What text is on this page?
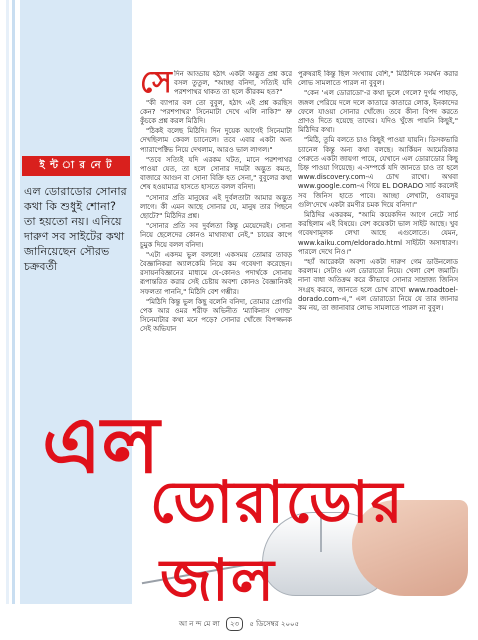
ই ন্ট া র নে ট
এল ডোরাডোর সোনার কথা কি শুধুই শোনা? তা হয়তো নয়। এনিয়ে দারুণ সব সাইটের কথা জানিয়েছেন সৌরভ চক্রবর্তী

সেদিন আড্ডায় হঠাৎ একটা অদ্ভুত প্রশ্ন করে বসল তুতুল, "আচ্ছা বনিদা, সত্যিই যদি পরশপাথর থাকত তা হলে কীরকম হত?"

"কী ব্যাপার বল তো বুবুল, হঠাৎ এই প্রশ্ন করছিস কেন? 'পরশপাথর' সিনেমাটা দেখে এলি নাকি?" ভ্রু কুঁচকে প্রশ্ন করল মিঠিদি।

"ঠিকই বলেছ মিঠিদি। দিন দুয়েক আগেই সিনেমাটা দেখছিলাম কেবল চ্যানেলে। তবে এবার একটা অন্য প্যারাপেক্টিভ নিয়ে দেখলাম, আরও ভাল লাগল।"

"তবে সত্যিই যদি এরকম ঘটত, মানে পরশপাথর পাওয়া যেত, তা হলে সোনার দামটা অদ্ভুত কমত, বাজারে আগুন বা সোনা বিক্রি হত সেনা," বুবুলের কথা শেষ হওয়ামাত্র হাসতে হাসতে বলল বনিদা।

"সোনার প্রতি মানুষের এই দুর্বলতাটা আমার অদ্ভুত লাগে। কী এমন আছে সোনার যে, মানুষ তার পিছনে ছোটে?" মিঠিদির প্রশ্ন।

"সোনার প্রতি সব দুর্বলতা কিন্তু মেয়েদেরই। সোনা নিয়ে ছেলেদের কোনও মাথাব্যথা নেই," চায়ের কাপে চুমুক দিয়ে বলল বনিদা।

"এটা একদম ভুল বললে! একসময় তোমার তাবড় বৈজ্ঞানিকরা অ্যালকেমি নিয়ে কম গবেষণা করেছেন। রসায়নবিজ্ঞানের মাধ্যমে যে-কোনও পদার্থকে সোনায় রূপান্তরিত করার সেই চেষ্টায় অবশ্য কোনও বৈজ্ঞানিকই সফলতা পাননি," মিঠিদি বেশ গম্ভীর।

"মিঠিদি কিন্তু ভুল কিছু বলেনি বনিদা, তোমার প্রোগরি পেক আর ওমর শরীফ অভিনীত 'ম্যাকিনাস গোল্ড' সিনেমাটার কথা মনে পড়ে? সোনার খোঁজে বিপজ্জনক সেই অভিযান

পুরুষরাই কিন্তু ছিল সংখ্যায় বেশি," মিঠিদিকে সমর্থন করার লোভ সামলাতে পারল না বুবুল।

"কেন 'এল ডোরাডো'-র কথা ভুলে গেলে? দুর্গম পাহাড়, জঙ্গল পেরিয়ে দলে দলে কাতারে কাতারে লোক, ইনকাদের ফেলে যাওয়া সোনার খোঁজে। তবে কীনা বিপদ করতে প্রাণও দিতে হয়েছে তাদের। যদিও খুঁজে পায়নি কিছুই," মিঠিদির কথা।

"মিঠি, তুমি বলতে চাও কিছুই পাওয়া যায়নি। ডিসকভারি চ্যানেল কিন্তু অন্য কথা বলছে। আর্কিয়ন আমেরিকার পেরুতে একটা জায়গা পায়ে, যেখানে এল ডোরাডোর কিছু চিহ্ন পাওয়া গিয়েছে। এ-সম্পর্কে যদি জানতে চাও তা হলে www.discovery.com-এ চোখ রাখো। অথবা www.google.com-এ গিয়ে EL DORADO সার্চ করলেই সব জিনিস হাতে পাবে। আচ্ছা লেখাটা, ওবায়দুর গুলি'দেখে একটা রমণীর চমক দিয়ে বনিদা।"

মিঠিদির একরকম, "আমি কয়েকদিন আগে নেটে সার্চ করছিলাম এই বিষয়ে। বেশ কয়েকটা ভাল সাইট আছে। খুব গবেষণামূলক লেখা আছে এগুলোতে। যেমন, www.kaiku.com/eldorado.html সাইটটা অসাধারণ। পারলে দেখে নিও।"

"হ্যাঁ আরেকটা অবশ্য একটা দারুণ গেম ডাউনলোড করলাম। সেটাও এল ডোরাডো নিয়ে। খেলা বেশ জমাটি। নানা বাধা অতিক্রম করে কীভাবে সোনার সাম্রাজ্য জিনিস সংগ্রহ করবে, জানতে হলে চোখ রাখো www.roadtoel-dorado.com-এ," এল ডোরাডো নিয়ে যে তার জানার কম নয়, তা জানাবার লোভ সামলাতে পারল না বুবুল।

এল
ডোরাডোর
জাল
আ ন ন্দ মে লা ২৩ ৫ ডিসেম্বর ২০০৫
